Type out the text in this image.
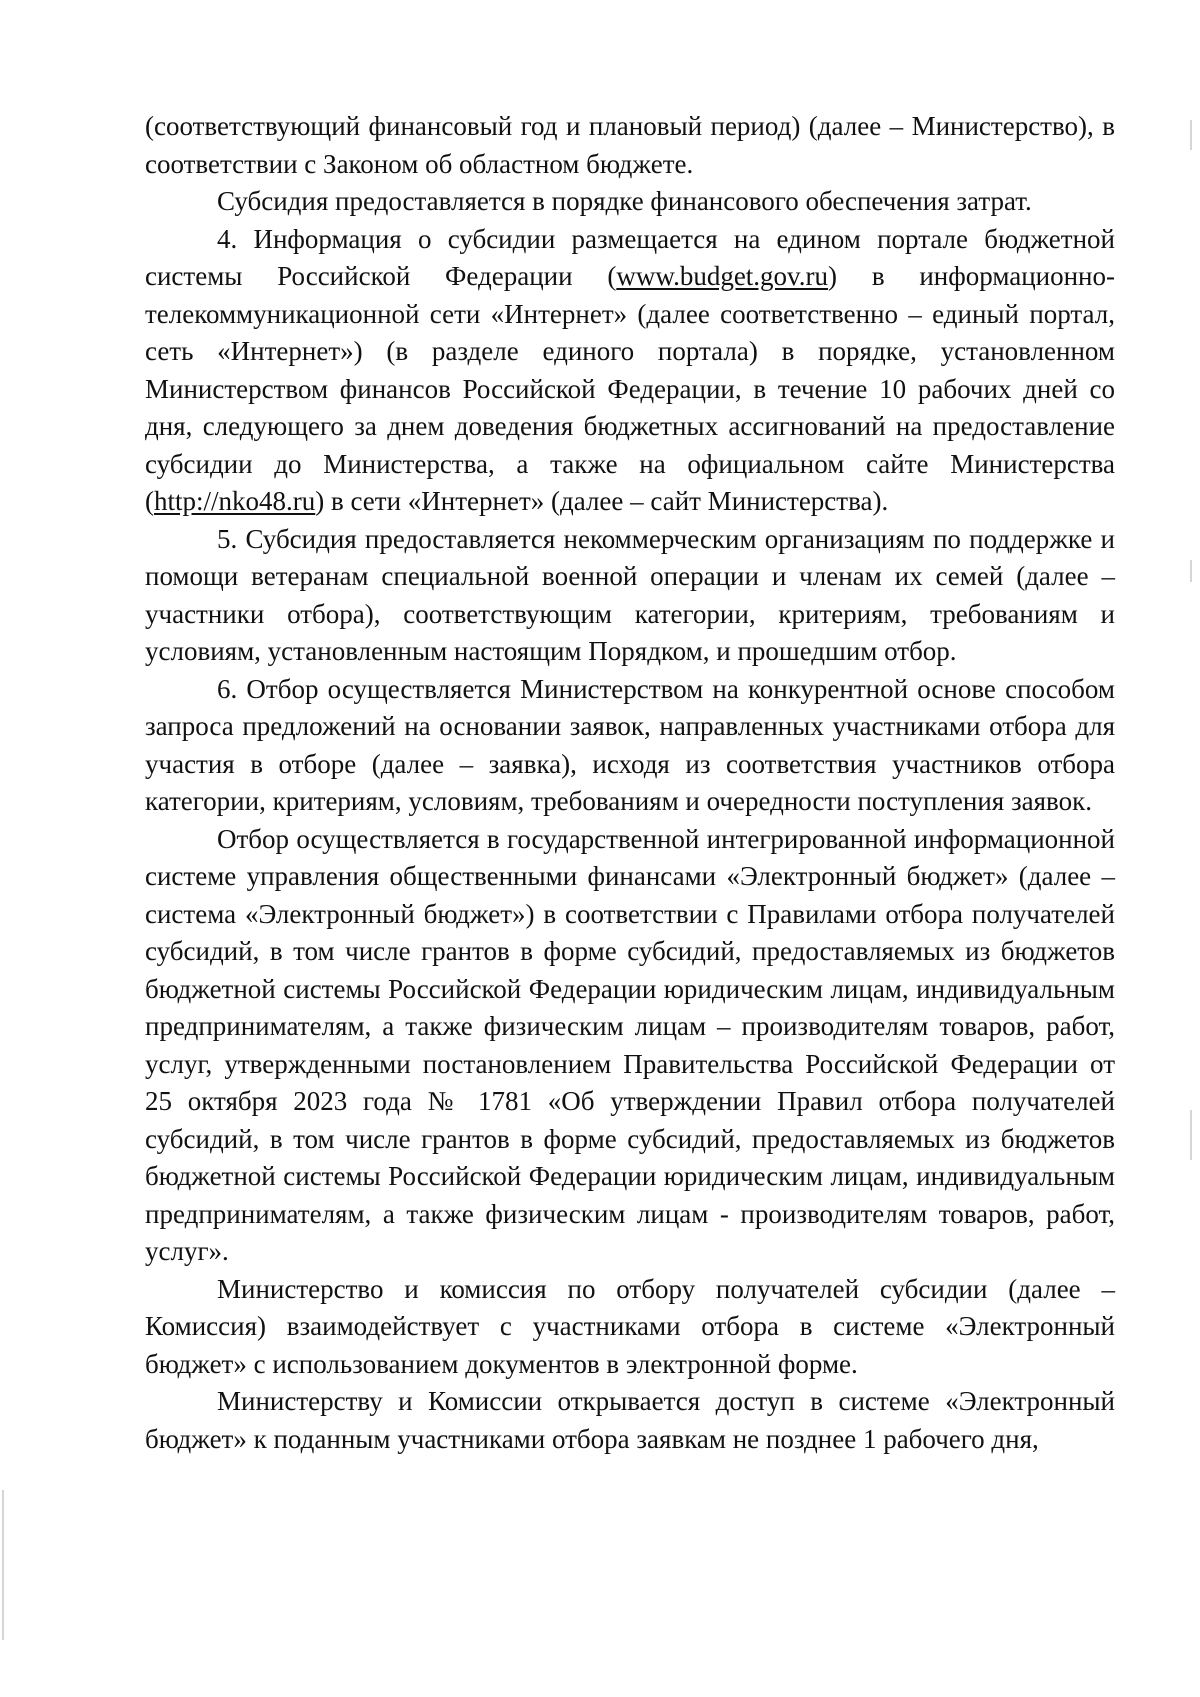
(соответствующий финансовый год и плановый период) (далее – Министерство), в соответствии с Законом об областном бюджете.

Субсидия предоставляется в порядке финансового обеспечения затрат.

4. Информация о субсидии размещается на едином портале бюджетной системы Российской Федерации (www.budget.gov.ru) в информационно-телекоммуникационной сети «Интернет» (далее соответственно – единый портал, сеть «Интернет») (в разделе единого портала) в порядке, установленном Министерством финансов Российской Федерации, в течение 10 рабочих дней со дня, следующего за днем доведения бюджетных ассигнований на предоставление субсидии до Министерства, а также на официальном сайте Министерства (http://nko48.ru) в сети «Интернет» (далее – сайт Министерства).

5. Субсидия предоставляется некоммерческим организациям по поддержке и помощи ветеранам специальной военной операции и членам их семей (далее – участники отбора), соответствующим категории, критериям, требованиям и условиям, установленным настоящим Порядком, и прошедшим отбор.

6. Отбор осуществляется Министерством на конкурентной основе способом запроса предложений на основании заявок, направленных участниками отбора для участия в отборе (далее – заявка), исходя из соответствия участников отбора категории, критериям, условиям, требованиям и очередности поступления заявок.

Отбор осуществляется в государственной интегрированной информационной системе управления общественными финансами «Электронный бюджет» (далее – система «Электронный бюджет») в соответствии с Правилами отбора получателей субсидий, в том числе грантов в форме субсидий, предоставляемых из бюджетов бюджетной системы Российской Федерации юридическим лицам, индивидуальным предпринимателям, а также физическим лицам – производителям товаров, работ, услуг, утвержденными постановлением Правительства Российской Федерации от 25 октября 2023 года № 1781 «Об утверждении Правил отбора получателей субсидий, в том числе грантов в форме субсидий, предоставляемых из бюджетов бюджетной системы Российской Федерации юридическим лицам, индивидуальным предпринимателям, а также физическим лицам - производителям товаров, работ, услуг».

Министерство и комиссия по отбору получателей субсидии (далее – Комиссия) взаимодействует с участниками отбора в системе «Электронный бюджет» с использованием документов в электронной форме.

Министерству и Комиссии открывается доступ в системе «Электронный бюджет» к поданным участниками отбора заявкам не позднее 1 рабочего дня,
